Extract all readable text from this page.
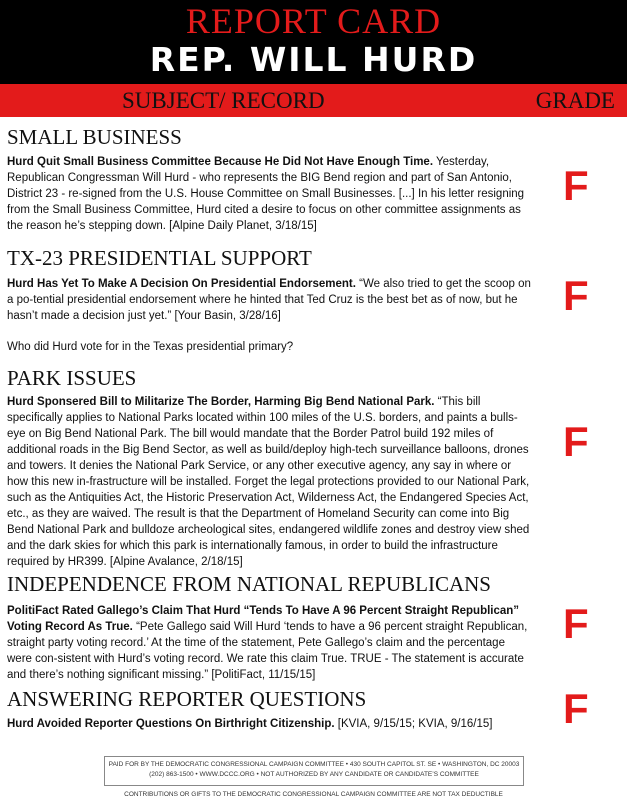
REPORT CARD
REP. WILL HURD
SUBJECT/ RECORD	GRADE
SMALL BUSINESS

Hurd Quit Small Business Committee Because He Did Not Have Enough Time. Yesterday, Republican Congressman Will Hurd - who represents the BIG Bend region and part of San Antonio, District 23 - re-signed from the U.S. House Committee on Small Businesses. [...] In his letter resigning from the Small Business Committee, Hurd cited a desire to focus on other committee assignments as the reason he’s stepping down. [Alpine Daily Planet, 3/18/15]

F
TX-23 PRESIDENTIAL SUPPORT

Hurd Has Yet To Make A Decision On Presidential Endorsement. “We also tried to get the scoop on a po-tential presidential endorsement where he hinted that Ted Cruz is the best bet as of now, but he hasn’t made a decision just yet.” [Your Basin, 3/28/16]

Who did Hurd vote for in the Texas presidential primary?

F
PARK ISSUES

Hurd Sponsered Bill to Militarize The Border, Harming Big Bend National Park. “This bill specifically applies to National Parks located within 100 miles of the U.S. borders, and paints a bulls-eye on Big Bend National Park. The bill would mandate that the Border Patrol build 192 miles of additional roads in the Big Bend Sector, as well as build/deploy high-tech surveillance balloons, drones and towers. It denies the National Park Service, or any other executive agency, any say in where or how this new in-frastructure will be installed. Forget the legal protections provided to our National Park, such as the Antiquities Act, the Historic Preservation Act, Wilderness Act, the Endangered Species Act, etc., as they are waived. The result is that the Department of Homeland Security can come into Big Bend National Park and bulldoze archeological sites, endangered wildlife zones and destroy view shed and the dark skies for which this park is internationally famous, in order to build the infrastructure required by HR399. [Alpine Avalance, 2/18/15]

F
INDEPENDENCE FROM NATIONAL REPUBLICANS

PolitiFact Rated Gallego’s Claim That Hurd “Tends To Have A 96 Percent Straight Republican” Voting Record As True. “Pete Gallego said Will Hurd ‘tends to have a 96 percent straight Republican, straight party voting record.’ At the time of the statement, Pete Gallego’s claim and the percentage were con-sistent with Hurd’s voting record. We rate this claim True. TRUE - The statement is accurate and there’s nothing significant missing.” [PolitiFact, 11/15/15]

F
ANSWERING REPORTER QUESTIONS

Hurd Avoided Reporter Questions On Birthright Citizenship. [KVIA, 9/15/15; KVIA, 9/16/15]	F
PAID FOR BY THE DEMOCRATIC CONGRESSIONAL CAMPAIGN COMMITTEE • 430 SOUTH CAPITOL ST. SE • WASHINGTON, DC 20003
(202) 863-1500 • WWW.DCCC.ORG • NOT AUTHORIZED BY ANY CANDIDATE OR CANDIDATE’S COMMITTEE
CONTRIBUTIONS OR GIFTS TO THE DEMOCRATIC CONGRESSIONAL CAMPAIGN COMMITTEE ARE NOT TAX DEDUCTIBLE
